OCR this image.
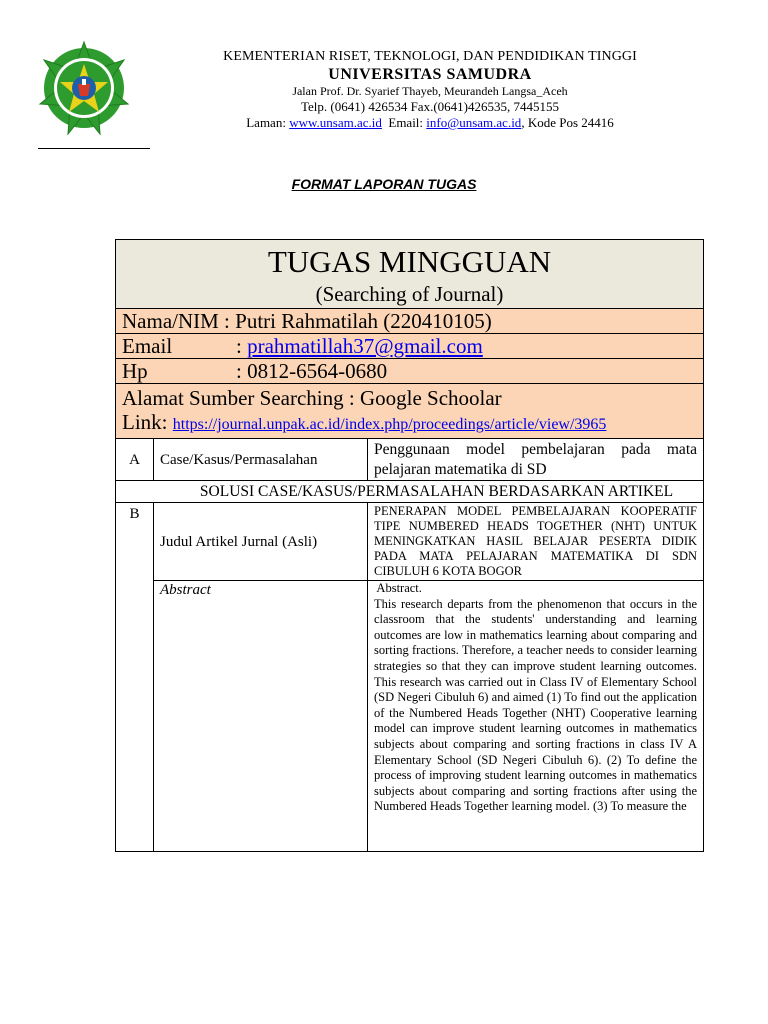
KEMENTERIAN RISET, TEKNOLOGI, DAN PENDIDIKAN TINGGI
UNIVERSITAS SAMUDRA
Jalan Prof. Dr. Syarief Thayeb, Meurandeh Langsa_Aceh
Telp. (0641) 426534 Fax.(0641)426535, 7445155
Laman: www.unsam.ac.id  Email: info@unsam.ac.id, Kode Pos 24416
FORMAT LAPORAN TUGAS
TUGAS MINGGUAN
(Searching of Journal)		

Nama/NIM : Putri Rahmatilah (220410105)		
Email : prahmatillah37@gmail.com		
Hp : 0812-6564-0680		

Alamat Sumber Searching : Google Schoolar
Link: https://journal.unpak.ac.id/index.php/proceedings/article/view/3965		

A	Case/Kasus/Permasalahan	Penggunaan model pembelajaran pada mata pelajaran matematika di SD
SOLUSI CASE/KASUS/PERMASALAHAN BERDASARKAN ARTIKEL		
B	Judul Artikel Jurnal (Asli)	PENERAPAN MODEL PEMBELAJARAN KOOPERATIF TIPE NUMBERED HEADS TOGETHER (NHT) UNTUK MENINGKATKAN HASIL BELAJAR PESERTA DIDIK PADA MATA PELAJARAN MATEMATIKA DI SDN CIBULUH 6 KOTA BOGOR
	Abstract	Abstract.
This research departs from the phenomenon that occurs in the classroom that the students' understanding and learning outcomes are low in mathematics learning about comparing and sorting fractions. Therefore, a teacher needs to consider learning strategies so that they can improve student learning outcomes. This research was carried out in Class IV of Elementary School (SD Negeri Cibuluh 6) and aimed (1) To find out the application of the Numbered Heads Together (NHT) Cooperative learning model can improve student learning outcomes in mathematics subjects about comparing and sorting fractions in class IV A Elementary School (SD Negeri Cibuluh 6). (2) To define the process of improving student learning outcomes in mathematics subjects about comparing and sorting fractions after using the Numbered Heads Together learning model. (3) To measure the
